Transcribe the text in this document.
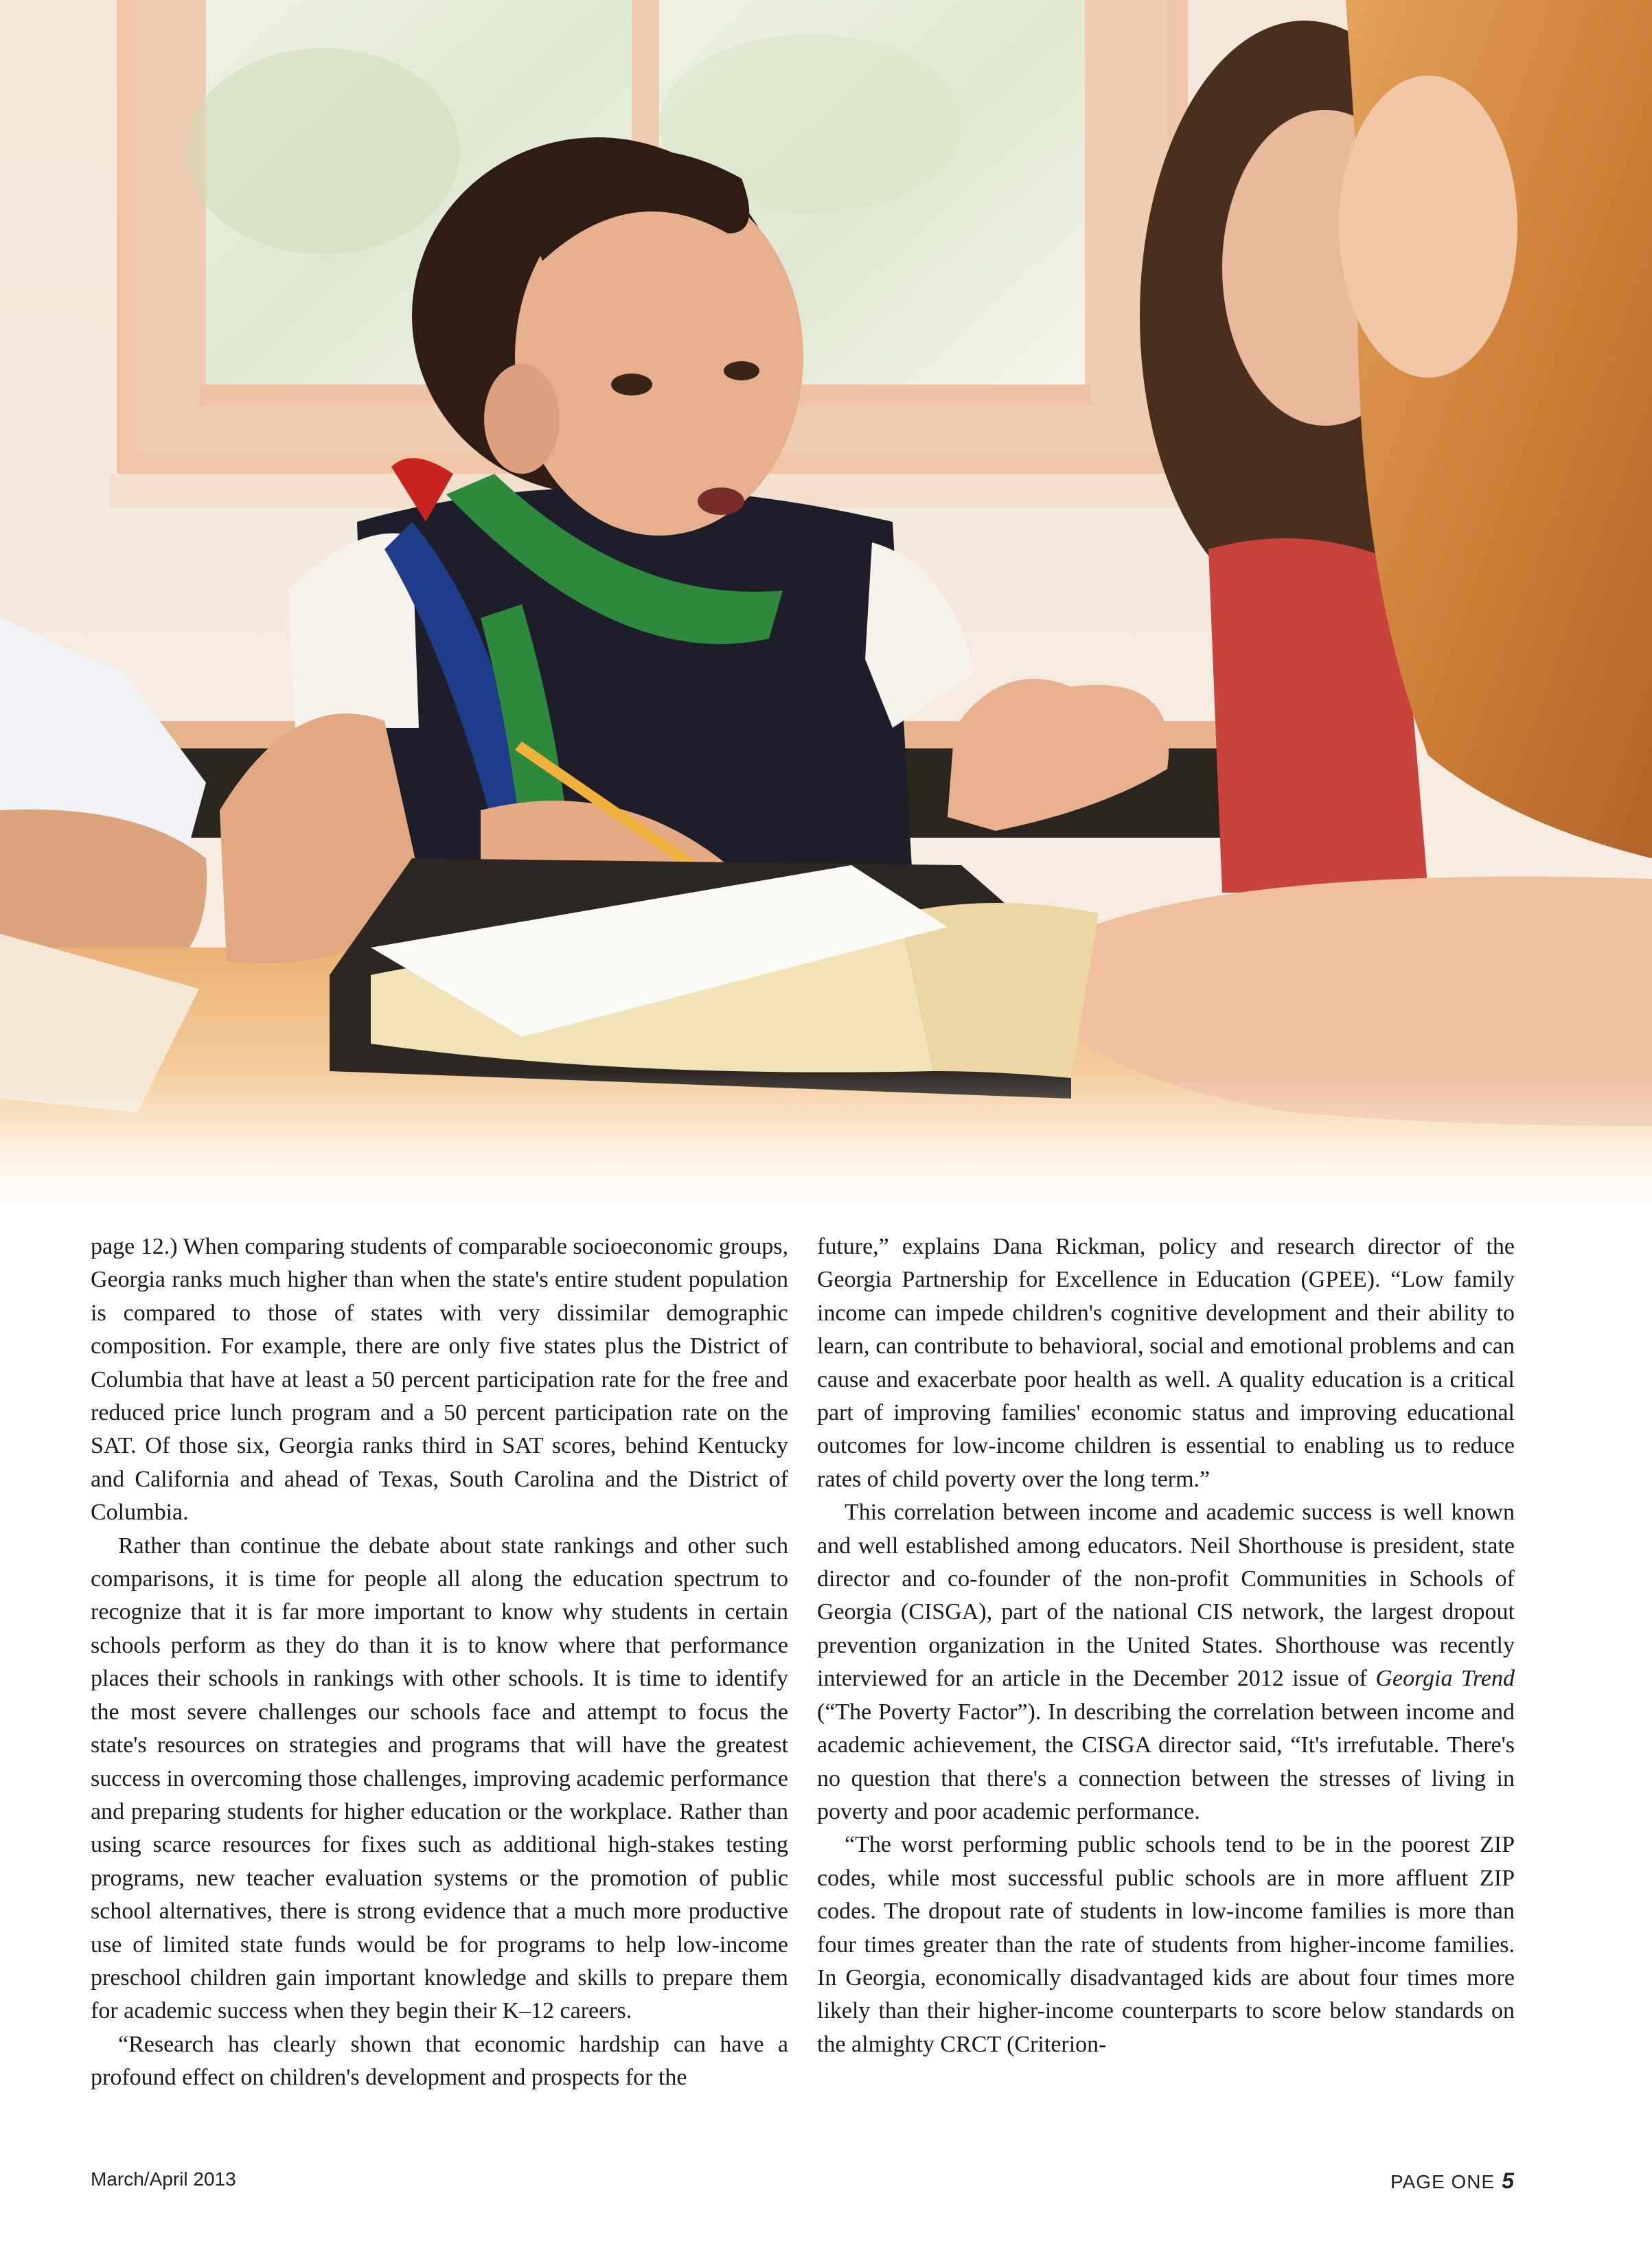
page 12.) When comparing students of comparable socioeconomic groups, Georgia ranks much higher than when the state's entire student population is compared to those of states with very dissimilar demographic composition. For example, there are only five states plus the District of Columbia that have at least a 50 percent participation rate for the free and reduced price lunch program and a 50 percent participation rate on the SAT. Of those six, Georgia ranks third in SAT scores, behind Kentucky and California and ahead of Texas, South Carolina and the District of Columbia.

Rather than continue the debate about state rankings and other such comparisons, it is time for people all along the education spectrum to recognize that it is far more important to know why students in certain schools perform as they do than it is to know where that performance places their schools in rankings with other schools. It is time to identify the most severe challenges our schools face and attempt to focus the state's resources on strategies and programs that will have the greatest success in overcoming those challenges, improving academic performance and preparing students for higher education or the workplace. Rather than using scarce resources for fixes such as additional high-stakes testing programs, new teacher evaluation systems or the promotion of public school alternatives, there is strong evidence that a much more productive use of limited state funds would be for programs to help low-income preschool children gain important knowledge and skills to prepare them for academic success when they begin their K–12 careers.

“Research has clearly shown that economic hardship can have a profound effect on children's development and prospects for the

future,” explains Dana Rickman, policy and research director of the Georgia Partnership for Excellence in Education (GPEE). “Low family income can impede children's cognitive development and their ability to learn, can contribute to behavioral, social and emotional problems and can cause and exacerbate poor health as well. A quality education is a critical part of improving families' economic status and improving educational outcomes for low-income children is essential to enabling us to reduce rates of child poverty over the long term.”

This correlation between income and academic success is well known and well established among educators. Neil Shorthouse is president, state director and co-founder of the non-profit Communities in Schools of Georgia (CISGA), part of the national CIS network, the largest dropout prevention organization in the United States. Shorthouse was recently interviewed for an article in the December 2012 issue of Georgia Trend (“The Poverty Factor”). In describing the correlation between income and academic achievement, the CISGA director said, “It's irrefutable. There's no question that there's a connection between the stresses of living in poverty and poor academic performance.

“The worst performing public schools tend to be in the poorest ZIP codes, while most successful public schools are in more affluent ZIP codes. The dropout rate of students in low-income families is more than four times greater than the rate of students from higher-income families. In Georgia, economically disadvantaged kids are about four times more likely than their higher-income counterparts to score below standards on the almighty CRCT (Criterion-

March/April 2013	PAGE ONE 5
